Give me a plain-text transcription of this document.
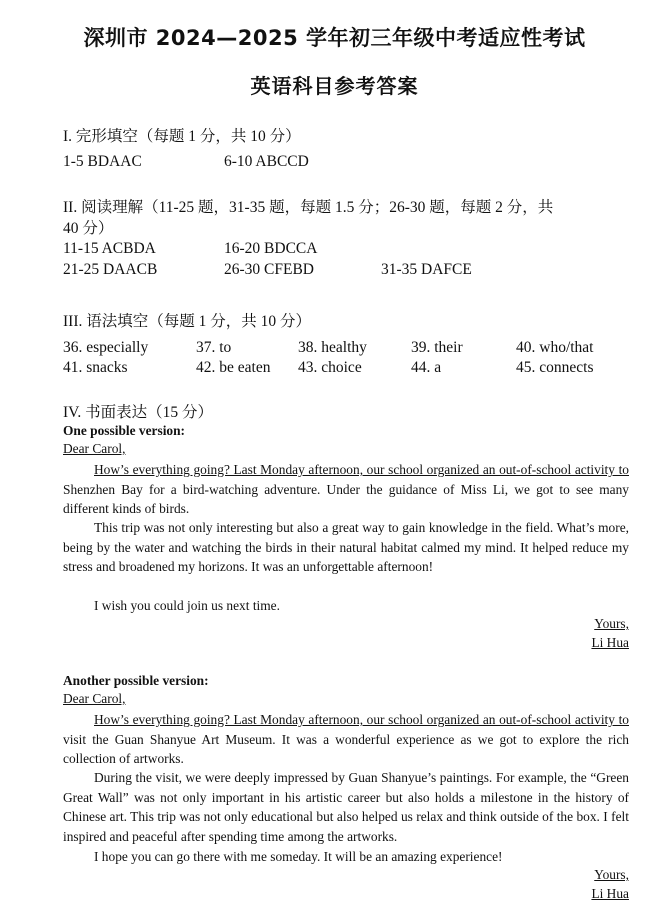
深圳市 2024—2025 学年初三年级中考适应性考试
英语科目参考答案
I. 完形填空（每题 1 分，共 10 分）
1-5 BDAAC	6-10 ABCCD
II. 阅读理解（11-25 题，31-35 题，每题 1.5 分；26-30 题，每题 2 分，共
40 分）
11-15 ACBDA	16-20 BDCCA
21-25 DAACB	26-30 CFEBD	31-35 DAFCE
III. 语法填空（每题 1 分，共 10 分）
36. especially	37. to	38. healthy	39. their	40. who/that
41. snacks	42. be eaten 43. choice	44. a	45. connects
IV. 书面表达（15 分）
One possible version:
Dear Carol,
How’s everything going? Last Monday afternoon, our school organized an out-of-school activity to Shenzhen Bay for a bird-watching adventure. Under the guidance of Miss Li, we got to see many different kinds of birds.
This trip was not only interesting but also a great way to gain knowledge in the field. What’s more, being by the water and watching the birds in their natural habitat calmed my mind. It helped reduce my stress and broadened my horizons. It was an unforgettable afternoon!
I wish you could join us next time.
Yours,
Li Hua
Another possible version:
Dear Carol,
How’s everything going? Last Monday afternoon, our school organized an out-of-school activity to visit the Guan Shanyue Art Museum. It was a wonderful experience as we got to explore the rich collection of artworks.
During the visit, we were deeply impressed by Guan Shanyue’s paintings. For example, the “Green Great Wall” was not only important in his artistic career but also holds a milestone in the history of Chinese art. This trip was not only educational but also helped us relax and think outside of the box. I felt inspired and peaceful after spending time among the artworks.
I hope you can go there with me someday. It will be an amazing experience!
Yours,
Li Hua
